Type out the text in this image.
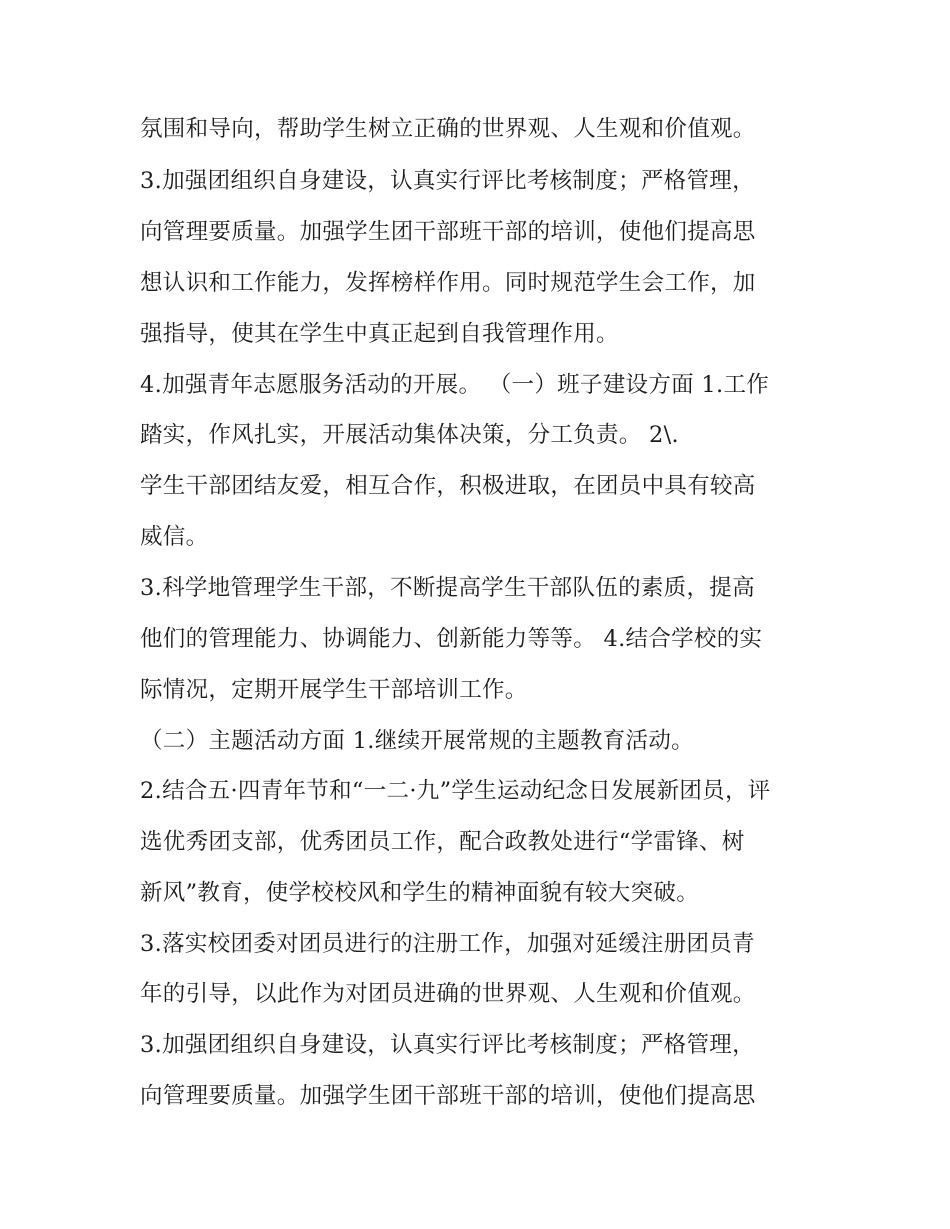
氛围和导向，帮助学生树立正确的世界观、人生观和价值观。
3.加强团组织自身建设，认真实行评比考核制度；严格管理，
向管理要质量。加强学生团干部班干部的培训，使他们提高思
想认识和工作能力，发挥榜样作用。同时规范学生会工作，加
强指导，使其在学生中真正起到自我管理作用。
4.加强青年志愿服务活动的开展。 （一）班子建设方面 1.工作
踏实，作风扎实，开展活动集体决策，分工负责。 2\.
学生干部团结友爱，相互合作，积极进取，在团员中具有较高
威信。
3.科学地管理学生干部，不断提高学生干部队伍的素质，提高
他们的管理能力、协调能力、创新能力等等。 4.结合学校的实
际情况，定期开展学生干部培训工作。
（二）主题活动方面 1.继续开展常规的主题教育活动。
2.结合五·四青年节和“一二·九”学生运动纪念日发展新团员，评
选优秀团支部，优秀团员工作，配合政教处进行“学雷锋、树
新风”教育，使学校校风和学生的精神面貌有较大突破。
3.落实校团委对团员进行的注册工作，加强对延缓注册团员青
年的引导，以此作为对团员进确的世界观、人生观和价值观。
3.加强团组织自身建设，认真实行评比考核制度；严格管理，
向管理要质量。加强学生团干部班干部的培训，使他们提高思
